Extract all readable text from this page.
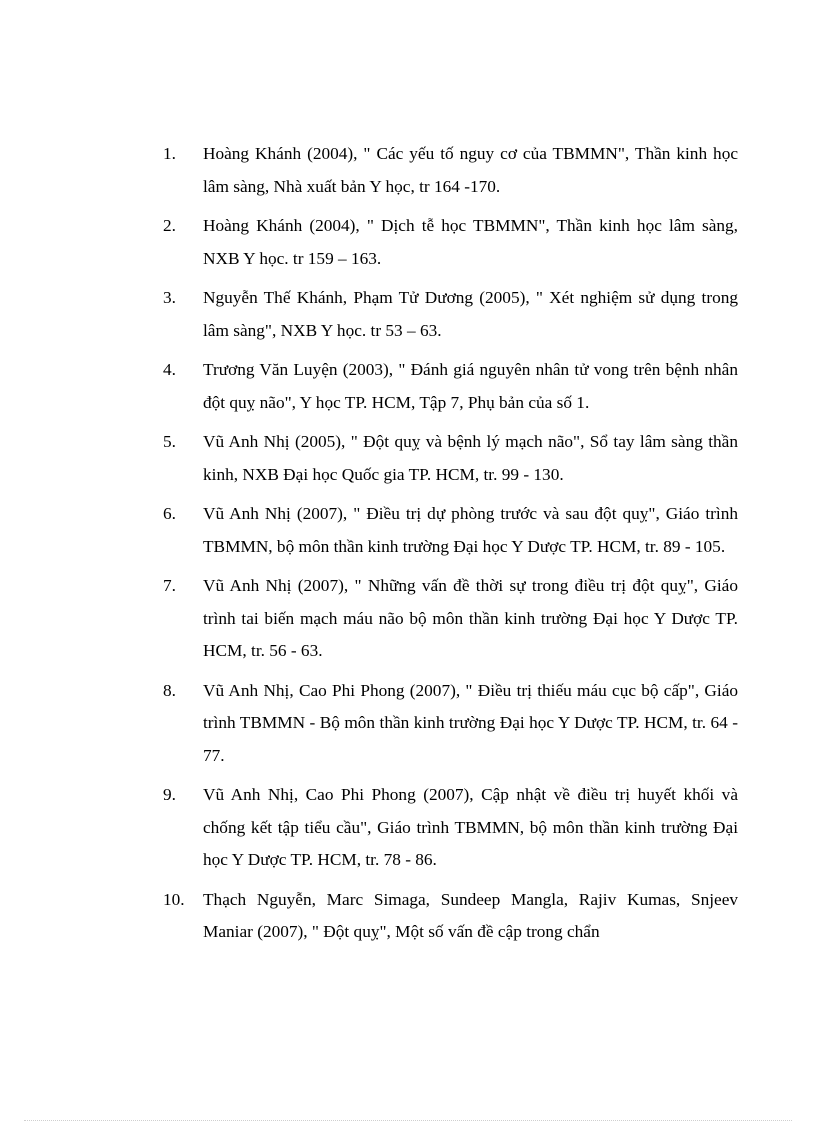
1.	Hoàng Khánh (2004), " Các yếu tố nguy cơ của TBMMN", Thần kinh học lâm sàng, Nhà xuất bản Y học, tr 164 -170.
2.	Hoàng Khánh (2004), " Dịch tễ học TBMMN", Thần kinh học lâm sàng, NXB Y học. tr 159 – 163.
3.	Nguyễn Thế Khánh, Phạm Tử Dương (2005), " Xét nghiệm sử dụng trong lâm sàng", NXB Y học. tr 53 – 63.
4.	Trương Văn Luyện (2003), " Đánh giá nguyên nhân tử vong trên bệnh nhân đột quỵ não", Y học TP. HCM, Tập 7, Phụ bản của số 1.
5.	Vũ Anh Nhị (2005), " Đột quỵ và bệnh lý mạch não", Sổ tay lâm sàng thần kinh, NXB Đại học Quốc gia TP. HCM, tr. 99 - 130.
6.	Vũ Anh Nhị (2007), " Điều trị dự phòng trước và sau đột quỵ", Giáo trình TBMMN, bộ môn thần kinh trường Đại học Y Dược TP. HCM, tr. 89 - 105.
7.	Vũ Anh Nhị (2007), " Những vấn đề thời sự trong điều trị đột quỵ", Giáo trình tai biến mạch máu não bộ môn thần kinh trường Đại học Y Dược TP. HCM, tr. 56 - 63.
8.	Vũ Anh Nhị, Cao Phi Phong (2007), " Điều trị thiếu máu cục bộ cấp", Giáo trình TBMMN - Bộ môn thần kinh trường Đại học Y Dược TP. HCM, tr. 64 - 77.
9.	Vũ Anh Nhị, Cao Phi Phong (2007), Cập nhật về điều trị huyết khối và chống kết tập tiểu cầu", Giáo trình TBMMN, bộ môn thần kinh trường Đại học Y Dược TP. HCM, tr. 78 - 86.
10.	Thạch Nguyễn, Marc Simaga, Sundeep Mangla, Rajiv Kumas, Snjeev Maniar (2007), " Đột quỵ", Một số vấn đề cập trong chẩn
